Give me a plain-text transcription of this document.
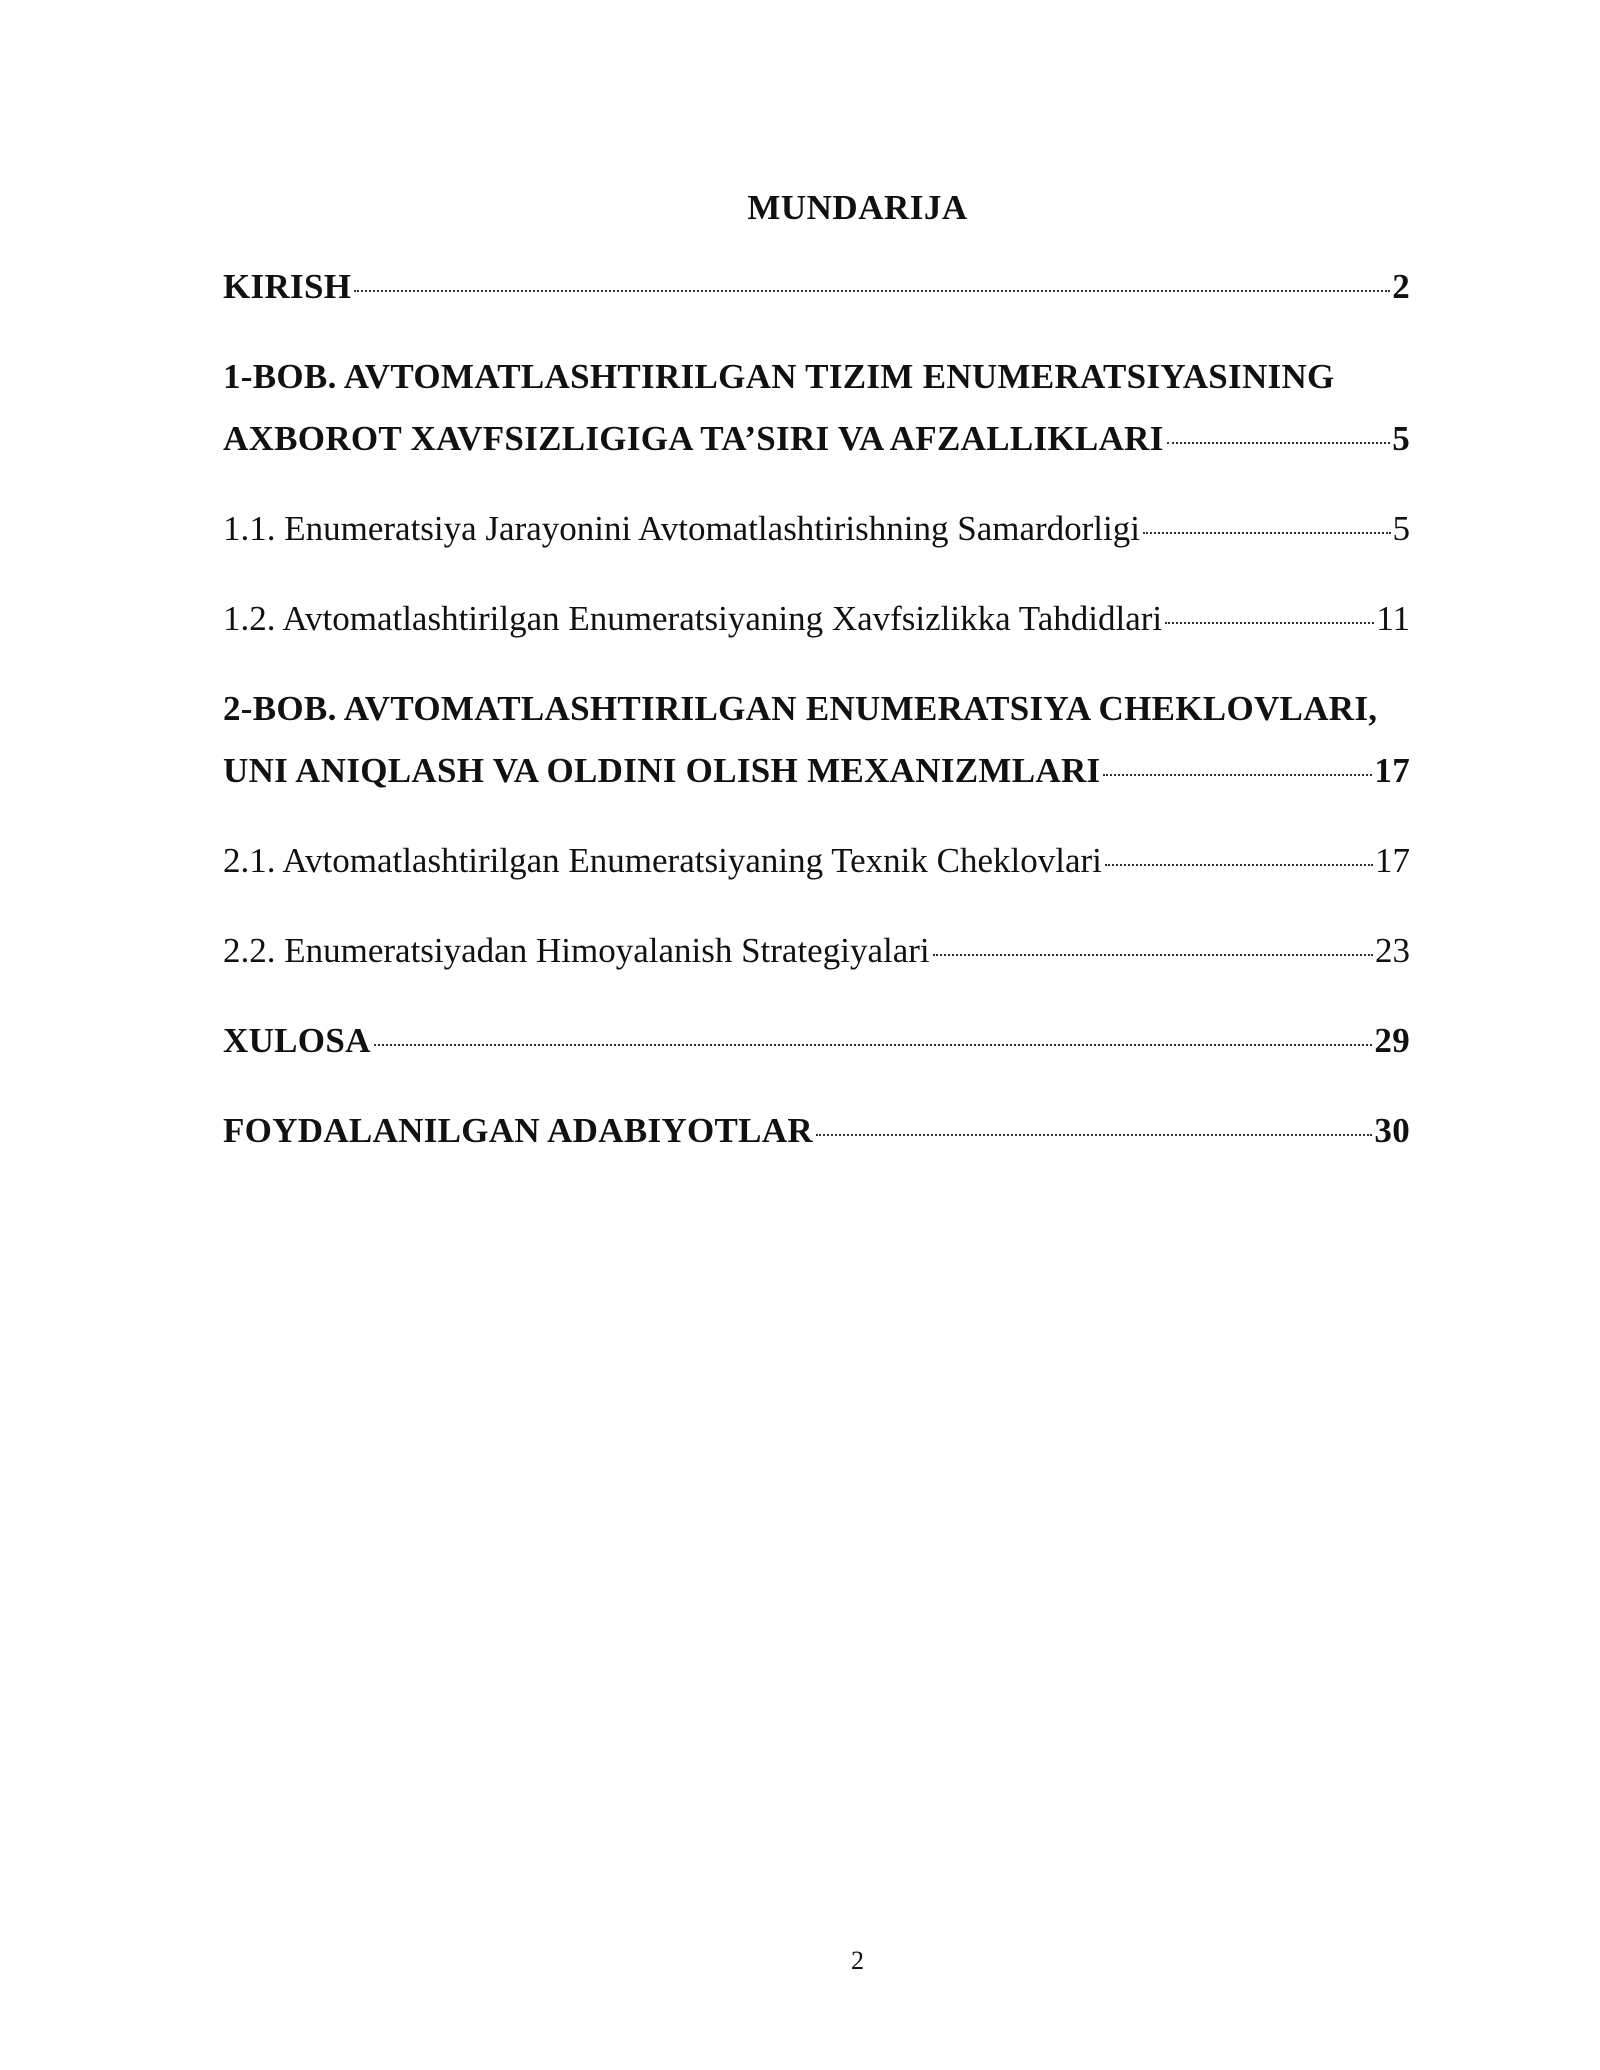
MUNDARIJA
KIRISH	2
1-BOB. AVTOMATLASHTIRILGAN TIZIM ENUMERATSIYASINING
AXBOROT XAVFSIZLIGIGA TA’SIRI VA AFZALLIKLARI	5
1.1. Enumeratsiya Jarayonini Avtomatlashtirishning Samardorligi	5
1.2. Avtomatlashtirilgan Enumeratsiyaning Xavfsizlikka Tahdidlari	11
2-BOB. AVTOMATLASHTIRILGAN ENUMERATSIYA CHEKLOVLARI,
UNI ANIQLASH VA OLDINI OLISH MEXANIZMLARI	17
2.1. Avtomatlashtirilgan Enumeratsiyaning Texnik Cheklovlari	17
2.2. Enumeratsiyadan Himoyalanish Strategiyalari	23
XULOSA	29
FOYDALANILGAN ADABIYOTLAR	30
2
